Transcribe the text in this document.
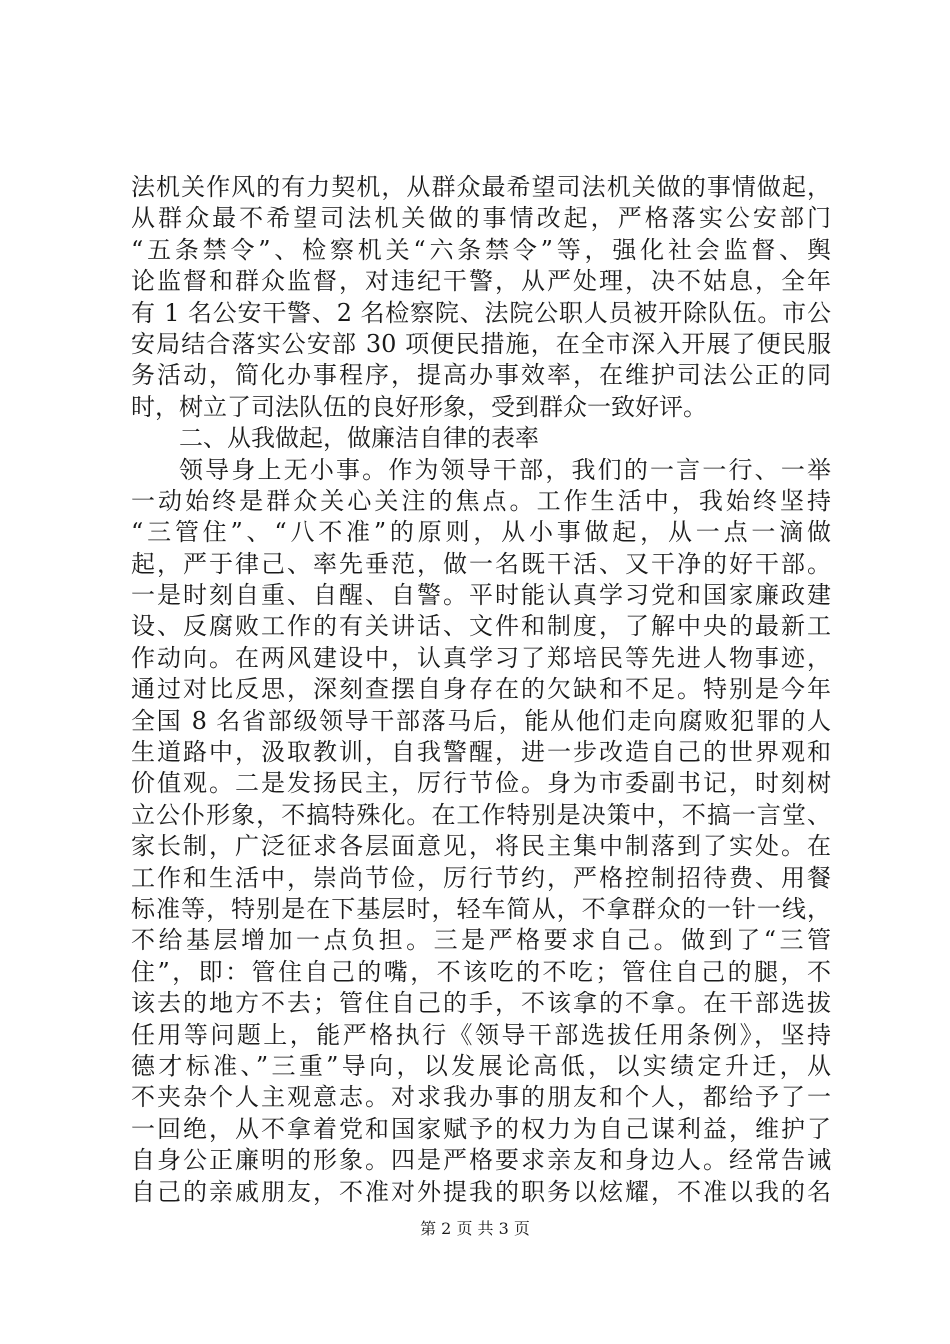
法机关作风的有力契机，从群众最希望司法机关做的事情做起，
从群众最不希望司法机关做的事情改起，严格落实公安部门
“五条禁令”、检察机关“六条禁令”等，强化社会监督、舆
论监督和群众监督，对违纪干警，从严处理，决不姑息，全年
有 1 名公安干警、2 名检察院、法院公职人员被开除队伍。市公
安局结合落实公安部 30 项便民措施，在全市深入开展了便民服
务活动，简化办事程序，提高办事效率，在维护司法公正的同
时，树立了司法队伍的良好形象，受到群众一致好评。
二、从我做起，做廉洁自律的表率
领导身上无小事。作为领导干部，我们的一言一行、一举
一动始终是群众关心关注的焦点。工作生活中，我始终坚持
“三管住”、“八不准”的原则，从小事做起，从一点一滴做
起，严于律己、率先垂范，做一名既干活、又干净的好干部。
一是时刻自重、自醒、自警。平时能认真学习党和国家廉政建
设、反腐败工作的有关讲话、文件和制度，了解中央的最新工
作动向。在两风建设中，认真学习了郑培民等先进人物事迹，
通过对比反思，深刻查摆自身存在的欠缺和不足。特别是今年
全国 8 名省部级领导干部落马后，能从他们走向腐败犯罪的人
生道路中，汲取教训，自我警醒，进一步改造自己的世界观和
价值观。二是发扬民主，厉行节俭。身为市委副书记，时刻树
立公仆形象，不搞特殊化。在工作特别是决策中，不搞一言堂、
家长制，广泛征求各层面意见，将民主集中制落到了实处。在
工作和生活中，崇尚节俭，厉行节约，严格控制招待费、用餐
标准等，特别是在下基层时，轻车简从，不拿群众的一针一线，
不给基层增加一点负担。三是严格要求自己。做到了“三管
住”，即：管住自己的嘴，不该吃的不吃；管住自己的腿，不
该去的地方不去；管住自己的手，不该拿的不拿。在干部选拔
任用等问题上，能严格执行《领导干部选拔任用条例》，坚持
德才标准、”三重”导向，以发展论高低，以实绩定升迁，从
不夹杂个人主观意志。对求我办事的朋友和个人，都给予了一
一回绝，从不拿着党和国家赋予的权力为自己谋利益，维护了
自身公正廉明的形象。四是严格要求亲友和身边人。经常告诫
自己的亲戚朋友，不准对外提我的职务以炫耀，不准以我的名
第 2 页 共 3 页
